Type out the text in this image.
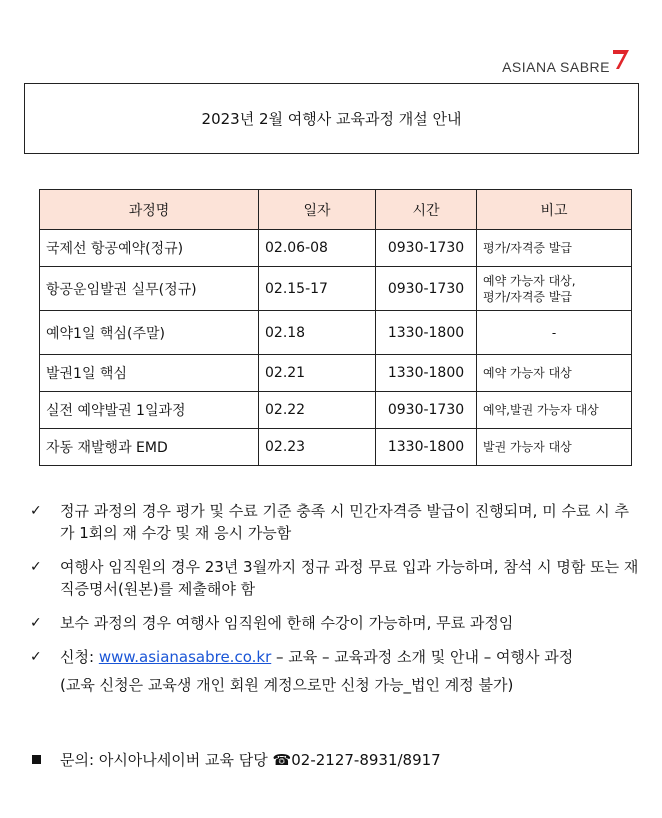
ASIANA SABRE
2023년 2월 여행사 교육과정 개설 안내
과정명	일자	시간	비고
국제선 항공예약(정규)	02.06-08	0930-1730	평가/자격증 발급
항공운임발권 실무(정규)	02.15-17	0930-1730	예약 가능자 대상,
평가/자격증 발급
예약1일 핵심(주말)	02.18	1330-1800	-
발권1일 핵심	02.21	1330-1800	예약 가능자 대상
실전 예약발권 1일과정	02.22	0930-1730	예약,발권 가능자 대상
자동 재발행과 EMD	02.23	1330-1800	발권 가능자 대상
✓	정규 과정의 경우 평가 및 수료 기준 충족 시 민간자격증 발급이 진행되며, 미 수료 시 추가 1회의 재 수강 및 재 응시 가능함
✓	여행사 임직원의 경우 23년 3월까지 정규 과정 무료 입과 가능하며, 참석 시 명함 또는 재직증명서(원본)를 제출해야 함
✓	보수 과정의 경우 여행사 임직원에 한해 수강이 가능하며, 무료 과정임
✓	신청: www.asianasabre.co.kr – 교육 – 교육과정 소개 및 안내 – 여행사 과정
(교육 신청은 교육생 개인 회원 계정으로만 신청 가능_법인 계정 불가)
문의:
아시아나세이버 교육 담당
☎ 02-2127-8931/8917
